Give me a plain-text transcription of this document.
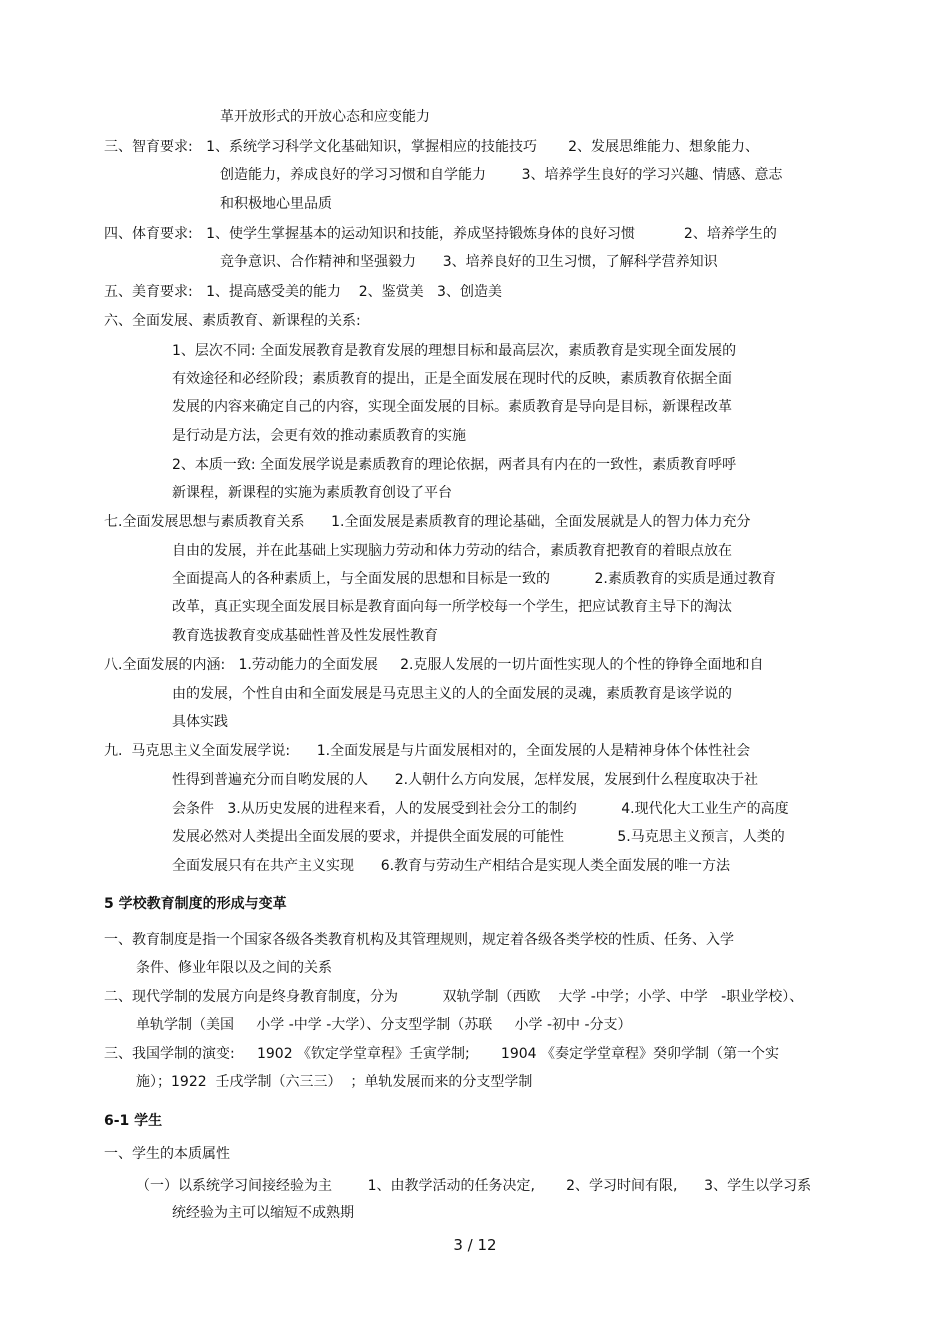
革开放形式的开放心态和应变能力

三、智育要求:   1、系统学习科学文化基础知识，掌握相应的技能技巧       2、发展思维能力、想象能力、

创造能力，养成良好的学习习惯和自学能力        3、培养学生良好的学习兴趣、情感、意志

和积极地心里品质

四、体育要求:   1、使学生掌握基本的运动知识和技能，养成坚持锻炼身体的良好习惯           2、培养学生的

竞争意识、合作精神和坚强毅力      3、培养良好的卫生习惯，了解科学营养知识

五、美育要求:   1、提高感受美的能力    2、鉴赏美   3、创造美

六、全面发展、素质教育、新课程的关系:

1、层次不同: 全面发展教育是教育发展的理想目标和最高层次，素质教育是实现全面发展的

有效途径和必经阶段；素质教育的提出，正是全面发展在现时代的反映，素质教育依据全面

发展的内容来确定自己的内容，实现全面发展的目标。素质教育是导向是目标，新课程改革

是行动是方法，会更有效的推动素质教育的实施

2、本质一致: 全面发展学说是素质教育的理论依据，两者具有内在的一致性，素质教育呼呼

新课程，新课程的实施为素质教育创设了平台

七.全面发展思想与素质教育关系      1.全面发展是素质教育的理论基础，全面发展就是人的智力体力充分

自由的发展，并在此基础上实现脑力劳动和体力劳动的结合，素质教育把教育的着眼点放在

全面提高人的各种素质上，与全面发展的思想和目标是一致的          2.素质教育的实质是通过教育

改革，真正实现全面发展目标是教育面向每一所学校每一个学生，把应试教育主导下的淘汰

教育选拔教育变成基础性普及性发展性教育

八.全面发展的内涵:   1.劳动能力的全面发展     2.克服人发展的一切片面性实现人的个性的铮铮全面地和自

由的发展，个性自由和全面发展是马克思主义的人的全面发展的灵魂，素质教育是该学说的

具体实践

九.  马克思主义全面发展学说:      1.全面发展是与片面发展相对的，全面发展的人是精神身体个体性社会

性得到普遍充分而自哟发展的人      2.人朝什么方向发展，怎样发展，发展到什么程度取决于社

会条件   3.从历史发展的进程来看，人的发展受到社会分工的制约          4.现代化大工业生产的高度

发展必然对人类提出全面发展的要求，并提供全面发展的可能性            5.马克思主义预言，人类的

全面发展只有在共产主义实现      6.教育与劳动生产相结合是实现人类全面发展的唯一方法

5 学校教育制度的形成与变革

一、教育制度是指一个国家各级各类教育机构及其管理规则，规定着各级各类学校的性质、任务、入学

条件、修业年限以及之间的关系

二、现代学制的发展方向是终身教育制度，分为          双轨学制（西欧    大学 -中学；小学、中学   -职业学校）、

单轨学制（美国     小学 -中学 -大学）、分支型学制（苏联     小学 -初中 -分支）

三、我国学制的演变:     1902 《钦定学堂章程》壬寅学制;       1904 《奏定学堂章程》癸卯学制（第一个实

施）；1922  壬戌学制（六三三）  ；单轨发展而来的分支型学制

6-1 学生

一、学生的本质属性

（一）以系统学习间接经验为主        1、由教学活动的任务决定,       2、学习时间有限,      3、学生以学习系

统经验为主可以缩短不成熟期

3 / 12
